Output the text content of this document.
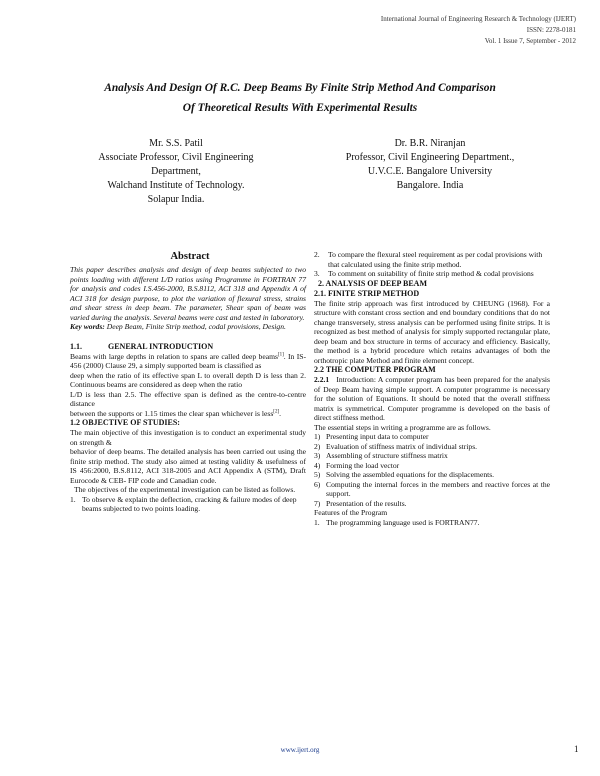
International Journal of Engineering Research & Technology (IJERT)
ISSN: 2278-0181
Vol. 1 Issue 7, September - 2012
Analysis And Design Of R.C. Deep Beams By Finite Strip Method And Comparison
Of Theoretical Results With Experimental Results
Mr. S.S. Patil
Associate Professor, Civil Engineering
Department,
Walchand Institute of Technology.
Solapur India.
Dr. B.R. Niranjan
Professor, Civil Engineering Department.,
U.V.C.E. Bangalore University
Bangalore. India
Abstract
This paper describes analysis and design of deep beams subjected to two points loading with different L/D ratios using Programme in FORTRAN 77 for analysis and codes I.S.456-2000, B.S.8112, ACI 318 and Appendix A of ACI 318 for design purpose, to plot the variation of flexural stress, strains and shear stress in deep beam. The parameter, Shear span of beam was varied during the analysis. Several beams were cast and tested in laboratory.
Key words: Deep Beam, Finite Strip method, codal provisions, Design.
1.1.	GENERAL INTRODUCTION
Beams with large depths in relation to spans are called deep beams[1]. In IS-456 (2000) Clause 29, a simply supported beam is classified as
deep when the ratio of its effective span L to overall depth D is less than 2. Continuous beams are considered as deep when the ratio
L/D is less than 2.5. The effective span is defined as the centre-to-centre distance
between the supports or 1.15 times the clear span whichever is less[2].
1.2 OBJECTIVE OF STUDIES:
The main objective of this investigation is to conduct an experimental study on strength &
behavior of deep beams. The detailed analysis has been carried out using the finite strip method. The study also aimed at testing validity & usefulness of IS 456:2000, B.S.8112, ACI 318-2005 and ACI Appendix A (STM), Draft Eurocode & CEB- FIP code and Canadian code.
The objectives of the experimental investigation can be listed as follows.
1. To observe & explain the deflection, cracking & failure modes of deep beams subjected to two points loading.
2.	To compare the flexural steel requirement as per codal provisions with that calculated using the finite strip method.
3.	To comment on suitability of finite strip method & codal provisions
2. ANALYSIS OF DEEP BEAM
2.1. FINITE STRIP METHOD
The finite strip approach was first introduced by CHEUNG (1968). For a structure with constant cross section and end boundary conditions that do not change transversely, stress analysis can be performed using finite strips. It is recognized as best method of analysis for simply supported rectangular plate, deep beam and box structure in terms of accuracy and efficiency. Basically, the method is a hybrid procedure which retains advantages of both the orthotropic plate Method and finite element concept.
2.2 THE COMPUTER PROGRAM
2.2.1 Introduction: A computer program has been prepared for the analysis of Deep Beam having simple support. A computer programme is necessary for the solution of Equations. It should be noted that the overall stiffness matrix is symmetrical. Computer programme is developed on the basis of direct stiffness method.
The essential steps in writing a programme are as follows.
1) Presenting input data to computer
2) Evaluation of stiffness matrix of individual strips.
3) Assembling of structure stiffness matrix
4) Forming the load vector
5) Solving the assembled equations for the displacements.
6) Computing the internal forces in the members and reactive forces at the support.
7) Presentation of the results.
Features of the Program
1. The programming language used is FORTRAN77.
www.ijert.org	1
